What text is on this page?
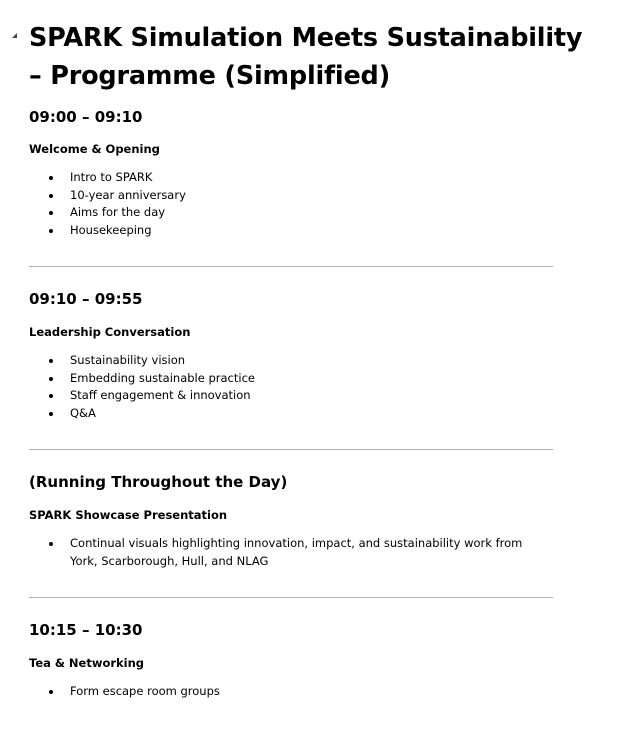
SPARK Simulation Meets Sustainability – Programme (Simplified)

09:00 – 09:10

Welcome & Opening

Intro to SPARK
10-year anniversary
Aims for the day
Housekeeping

09:10 – 09:55

Leadership Conversation

Sustainability vision
Embedding sustainable practice
Staff engagement & innovation
Q&A

(Running Throughout the Day)

SPARK Showcase Presentation

Continual visuals highlighting innovation, impact, and sustainability work from York, Scarborough, Hull, and NLAG

10:15 – 10:30

Tea & Networking

Form escape room groups
